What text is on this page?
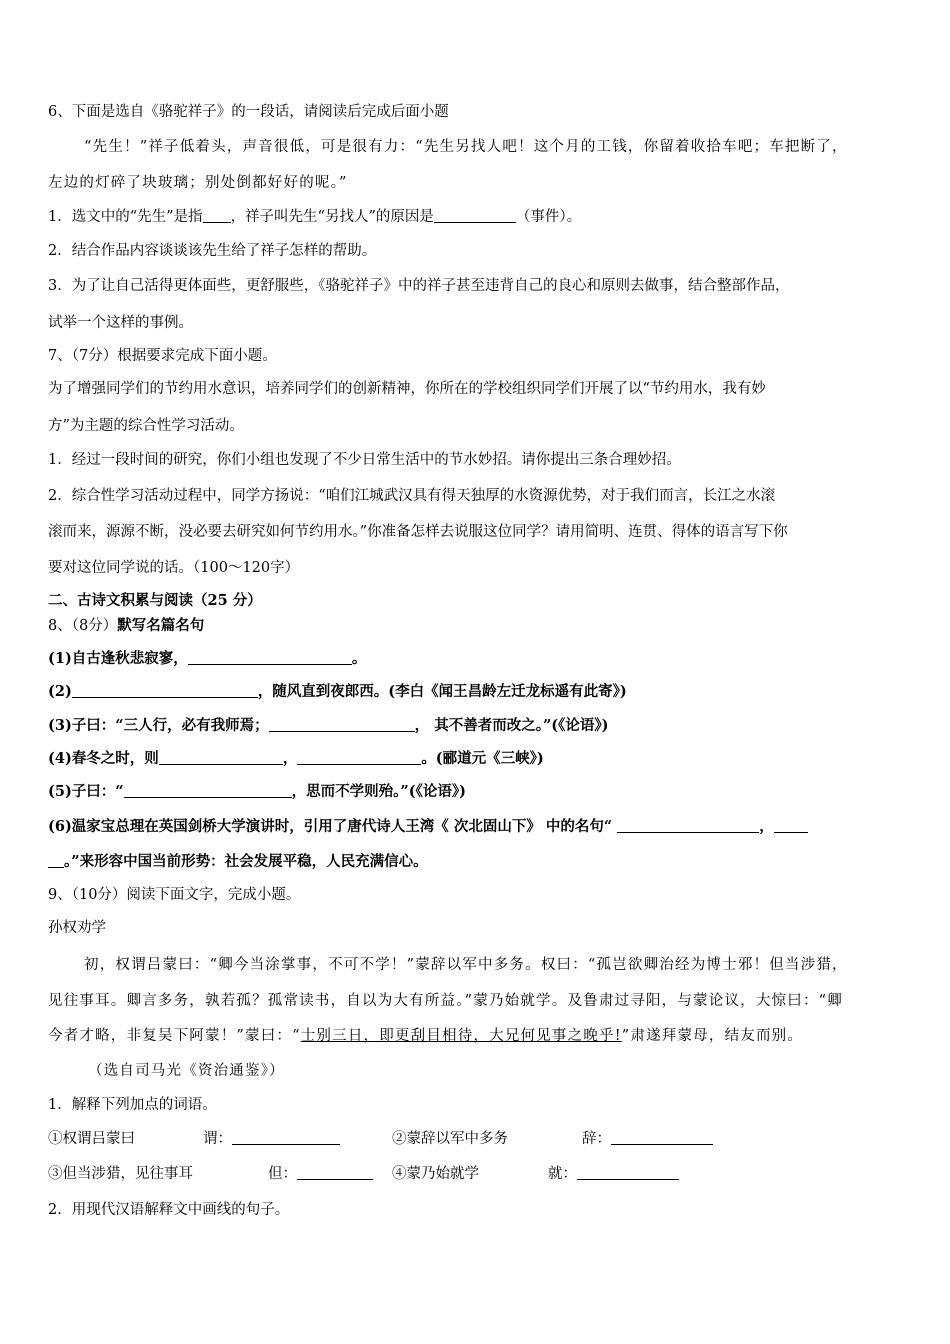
6、下面是选自《骆驼祥子》的一段话，请阅读后完成后面小题
“先生！”祥子低着头，声音很低，可是很有力：“先生另找人吧！这个月的工钱，你留着收拾车吧；车把断了，
左边的灯碎了块玻璃；别处倒都好好的呢。”
1．选文中的“先生”是指 ，祥子叫先生“另找人”的原因是	（事件）。
2．结合作品内容谈谈该先生给了祥子怎样的帮助。
3．为了让自己活得更体面些，更舒服些，《骆驼祥子》中的祥子甚至违背自己的良心和原则去做事，结合整部作品，
试举一个这样的事例。
7、（7分）根据要求完成下面小题。
为了增强同学们的节约用水意识，培养同学们的创新精神，你所在的学校组织同学们开展了以“节约用水，我有妙
方”为主题的综合性学习活动。
1．经过一段时间的研究，你们小组也发现了不少日常生活中的节水妙招。请你提出三条合理妙招。
2．综合性学习活动过程中，同学方扬说：“咱们江城武汉具有得天独厚的水资源优势，对于我们而言，长江之水滚
滚而来，源源不断，没必要去研究如何节约用水。”你准备怎样去说服这位同学？请用简明、连贯、得体的语言写下你
要对这位同学说的话。（100～120字）
二、古诗文积累与阅读（25 分）
8、（8分）默写名篇名句
(1)自古逢秋悲寂寥，	。
(2)	，随风直到夜郎西。(李白《闻王昌龄左迁龙标遥有此寄》)
(3)子曰：“三人行，必有我师焉；	， 其不善者而改之。”(《论语》)
(4)春冬之时，则	，	。(郦道元《三峡》)
(5)子曰：“	，思而不学则殆。”(《论语》)
(6)温家宝总理在英国剑桥大学演讲时，引用了唐代诗人王湾《 次北固山下》 中的名句“	，
。”来形容中国当前形势：社会发展平稳，人民充满信心。
9、（10分）阅读下面文字，完成小题。
孙权劝学
初，权谓吕蒙曰：“卿今当涂掌事，不可不学！”蒙辞以军中多务。权曰：“孤岂欲卿治经为博士邪！但当涉猎，
见往事耳。卿言多务，孰若孤？孤常读书，自以为大有所益。”蒙乃始就学。及鲁肃过寻阳，与蒙论议，大惊曰：“卿
今者才略，非复吴下阿蒙！”蒙曰：“士别三日，即更刮目相待，大兄何见事之晚乎!”肃遂拜蒙母，结友而别。
（选自司马光《资治通鉴》）
1．解释下列加点的词语。
①权谓吕蒙曰	谓：	②蒙辞以军中多务	辞：
③但当涉猎，见往事耳	但：	④蒙乃始就学	就：
2．用现代汉语解释文中画线的句子。
